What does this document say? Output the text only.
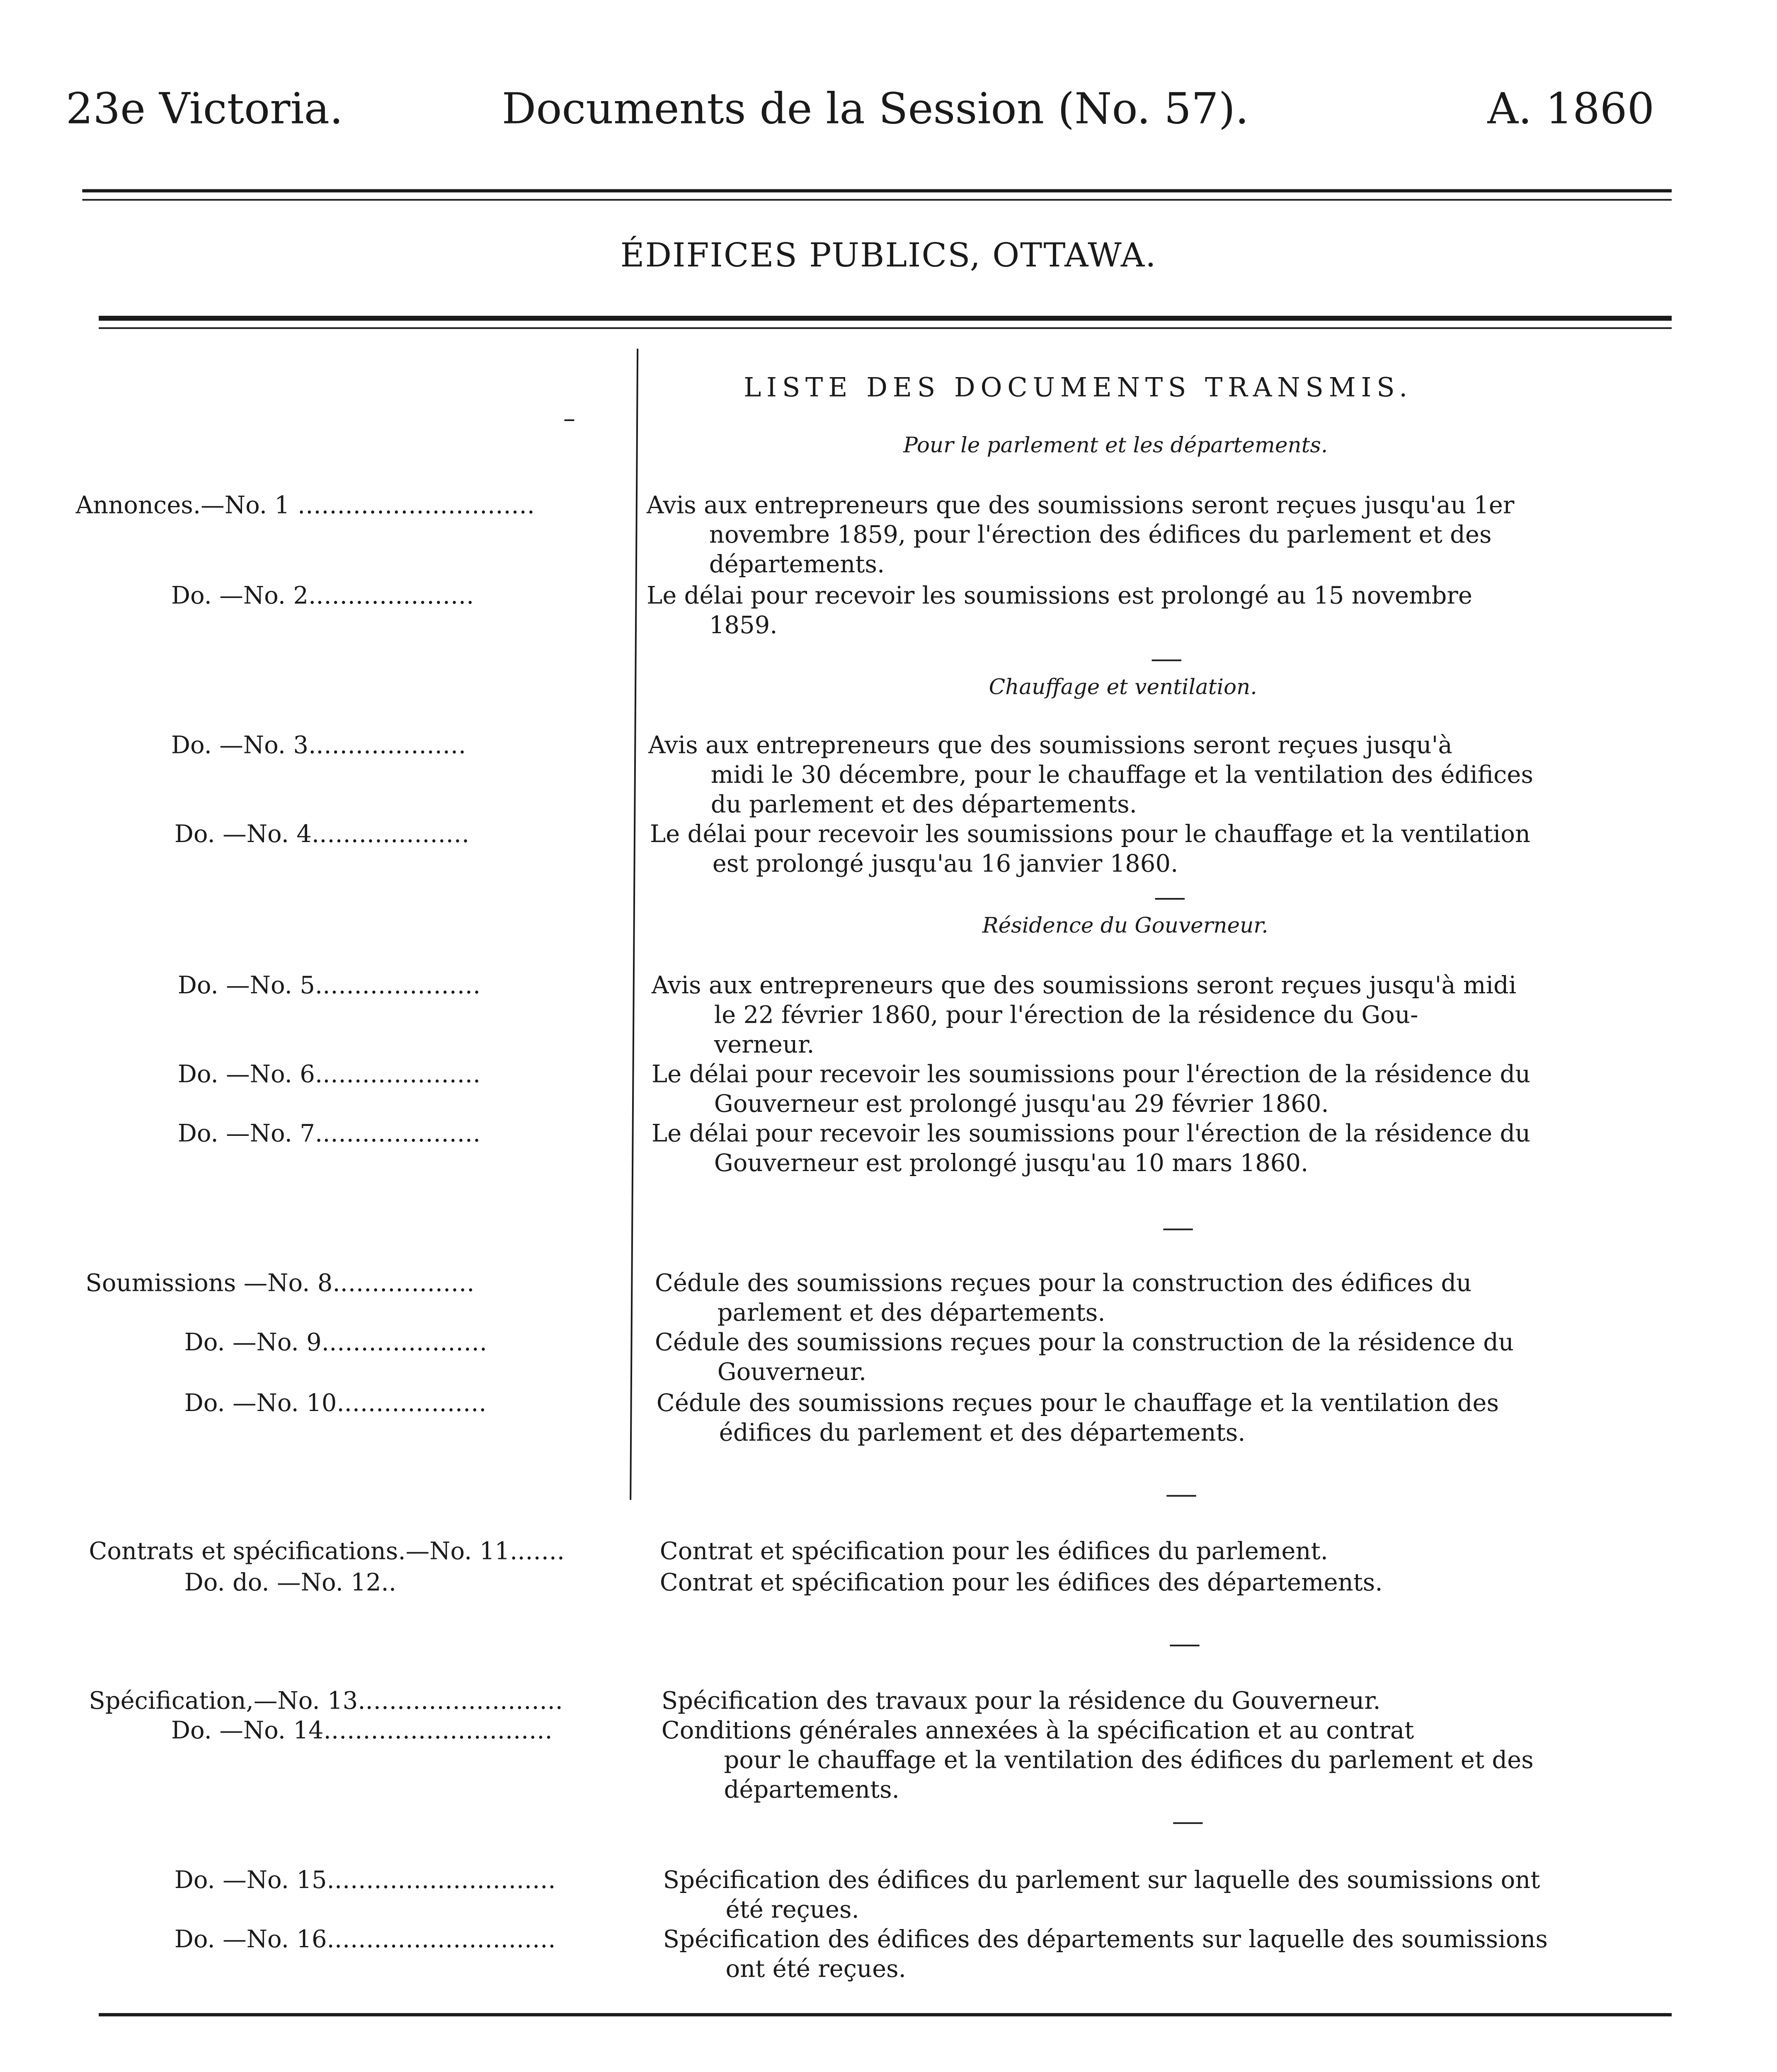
23e Victoria.	Documents de la Session (No. 57).	A. 1860
ÉDIFICES PUBLICS, OTTAWA.
LISTE DES DOCUMENTS TRANSMIS.
Pour le parlement et les départements.
Chauffage et ventilation.
Résidence du Gouverneur.
Annonces.—No. 1 ..............................	Avis aux entrepreneurs que des soumissions seront reçues jusqu'au 1er
novembre 1859, pour l'érection des édifices du parlement et des
départements.
Do. —No. 2.....................	Le délai pour recevoir les soumissions est prolongé au 15 novembre
1859.
Do. —No. 3....................	Avis aux entrepreneurs que des soumissions seront reçues jusqu'à
midi le 30 décembre, pour le chauffage et la ventilation des édifices
du parlement et des départements.
Do. —No. 4....................	Le délai pour recevoir les soumissions pour le chauffage et la ventilation
est prolongé jusqu'au 16 janvier 1860.
Do. —No. 5.....................	Avis aux entrepreneurs que des soumissions seront reçues jusqu'à midi
le 22 février 1860, pour l'érection de la résidence du Gou-
verneur.
Do. —No. 6.....................	Le délai pour recevoir les soumissions pour l'érection de la résidence du
Gouverneur est prolongé jusqu'au 29 février 1860.
Do. —No. 7.....................	Le délai pour recevoir les soumissions pour l'érection de la résidence du
Gouverneur est prolongé jusqu'au 10 mars 1860.
Soumissions —No. 8..................	Cédule des soumissions reçues pour la construction des édifices du
parlement et des départements.
Do. —No. 9.....................	Cédule des soumissions reçues pour la construction de la résidence du
Gouverneur.
Do. —No. 10...................	Cédule des soumissions reçues pour le chauffage et la ventilation des
édifices du parlement et des départements.
Contrats et spécifications.—No. 11.......	Contrat et spécification pour les édifices du parlement.
Do. do. —No. 12..	Contrat et spécification pour les édifices des départements.
Spécification,—No. 13..........................	Spécification des travaux pour la résidence du Gouverneur.
Do. —No. 14.............................	Conditions générales annexées à la spécification et au contrat
pour le chauffage et la ventilation des édifices du parlement et des
départements.
Do. —No. 15.............................	Spécification des édifices du parlement sur laquelle des soumissions ont
été reçues.
Do. —No. 16.............................	Spécification des édifices des départements sur laquelle des soumissions
ont été reçues.
